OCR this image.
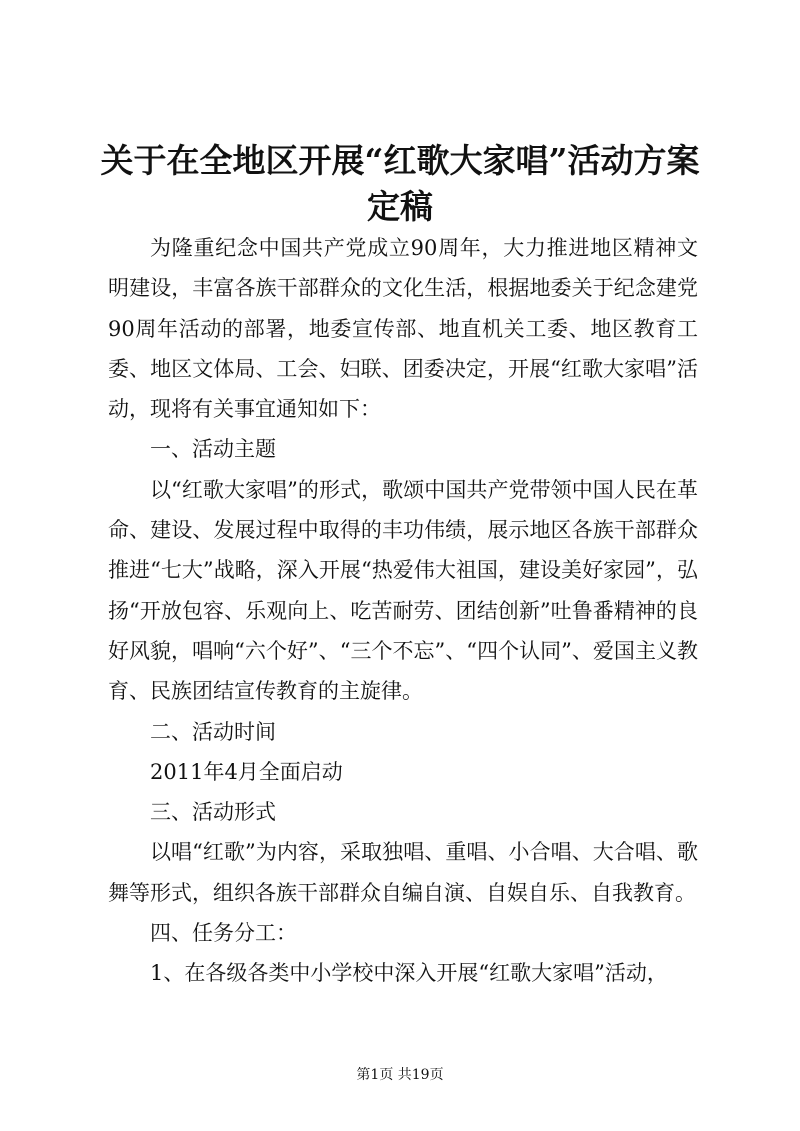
关于在全地区开展“红歌大家唱”活动方案定稿

为隆重纪念中国共产党成立90周年，大力推进地区精神文明建设，丰富各族干部群众的文化生活，根据地委关于纪念建党90周年活动的部署，地委宣传部、地直机关工委、地区教育工委、地区文体局、工会、妇联、团委决定，开展“红歌大家唱”活动，现将有关事宜通知如下：

一、活动主题

以“红歌大家唱”的形式，歌颂中国共产党带领中国人民在革命、建设、发展过程中取得的丰功伟绩，展示地区各族干部群众推进“七大”战略，深入开展“热爱伟大祖国，建设美好家园”，弘扬“开放包容、乐观向上、吃苦耐劳、团结创新”吐鲁番精神的良好风貌，唱响“六个好”、“三个不忘”、“四个认同”、爱国主义教育、民族团结宣传教育的主旋律。

二、活动时间

2011年4月全面启动

三、活动形式

以唱“红歌”为内容，采取独唱、重唱、小合唱、大合唱、歌舞等形式，组织各族干部群众自编自演、自娱自乐、自我教育。

四、任务分工：

1、在各级各类中小学校中深入开展“红歌大家唱”活动，

第1页 共19页
